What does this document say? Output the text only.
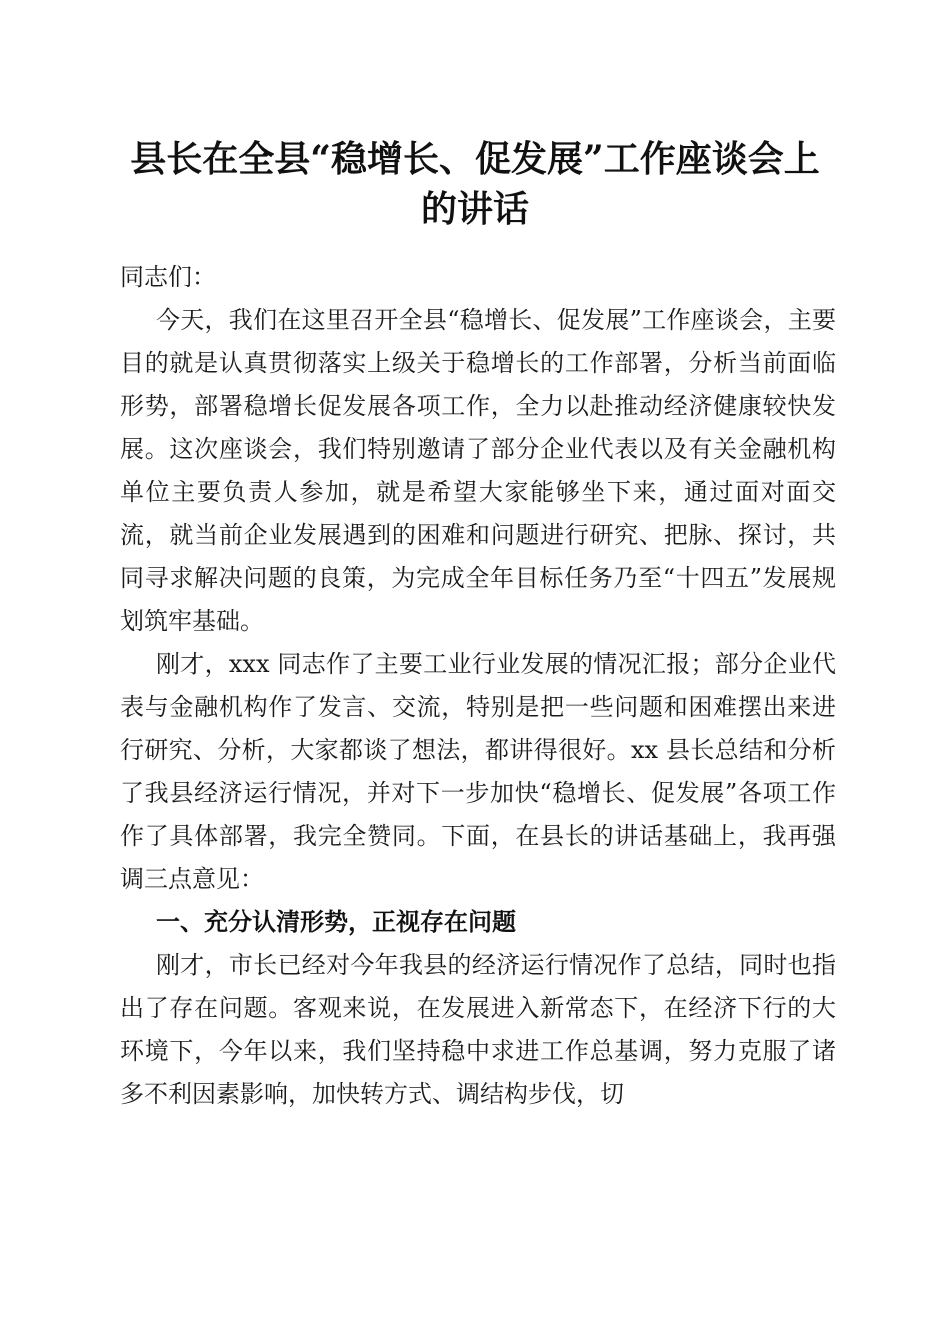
县长在全县“稳增长、促发展”工作座谈会上
的讲话

同志们：

今天，我们在这里召开全县“稳增长、促发展”工作座谈会，主要目的就是认真贯彻落实上级关于稳增长的工作部署，分析当前面临形势，部署稳增长促发展各项工作，全力以赴推动经济健康较快发展。这次座谈会，我们特别邀请了部分企业代表以及有关金融机构单位主要负责人参加，就是希望大家能够坐下来，通过面对面交流，就当前企业发展遇到的困难和问题进行研究、把脉、探讨，共同寻求解决问题的良策，为完成全年目标任务乃至“十四五”发展规划筑牢基础。

刚才，xxx 同志作了主要工业行业发展的情况汇报；部分企业代表与金融机构作了发言、交流，特别是把一些问题和困难摆出来进行研究、分析，大家都谈了想法，都讲得很好。xx 县长总结和分析了我县经济运行情况，并对下一步加快“稳增长、促发展”各项工作作了具体部署，我完全赞同。下面，在县长的讲话基础上，我再强调三点意见：

一、充分认清形势，正视存在问题

刚才，市长已经对今年我县的经济运行情况作了总结，同时也指出了存在问题。客观来说，在发展进入新常态下，在经济下行的大环境下，今年以来，我们坚持稳中求进工作总基调，努力克服了诸多不利因素影响，加快转方式、调结构步伐，切
